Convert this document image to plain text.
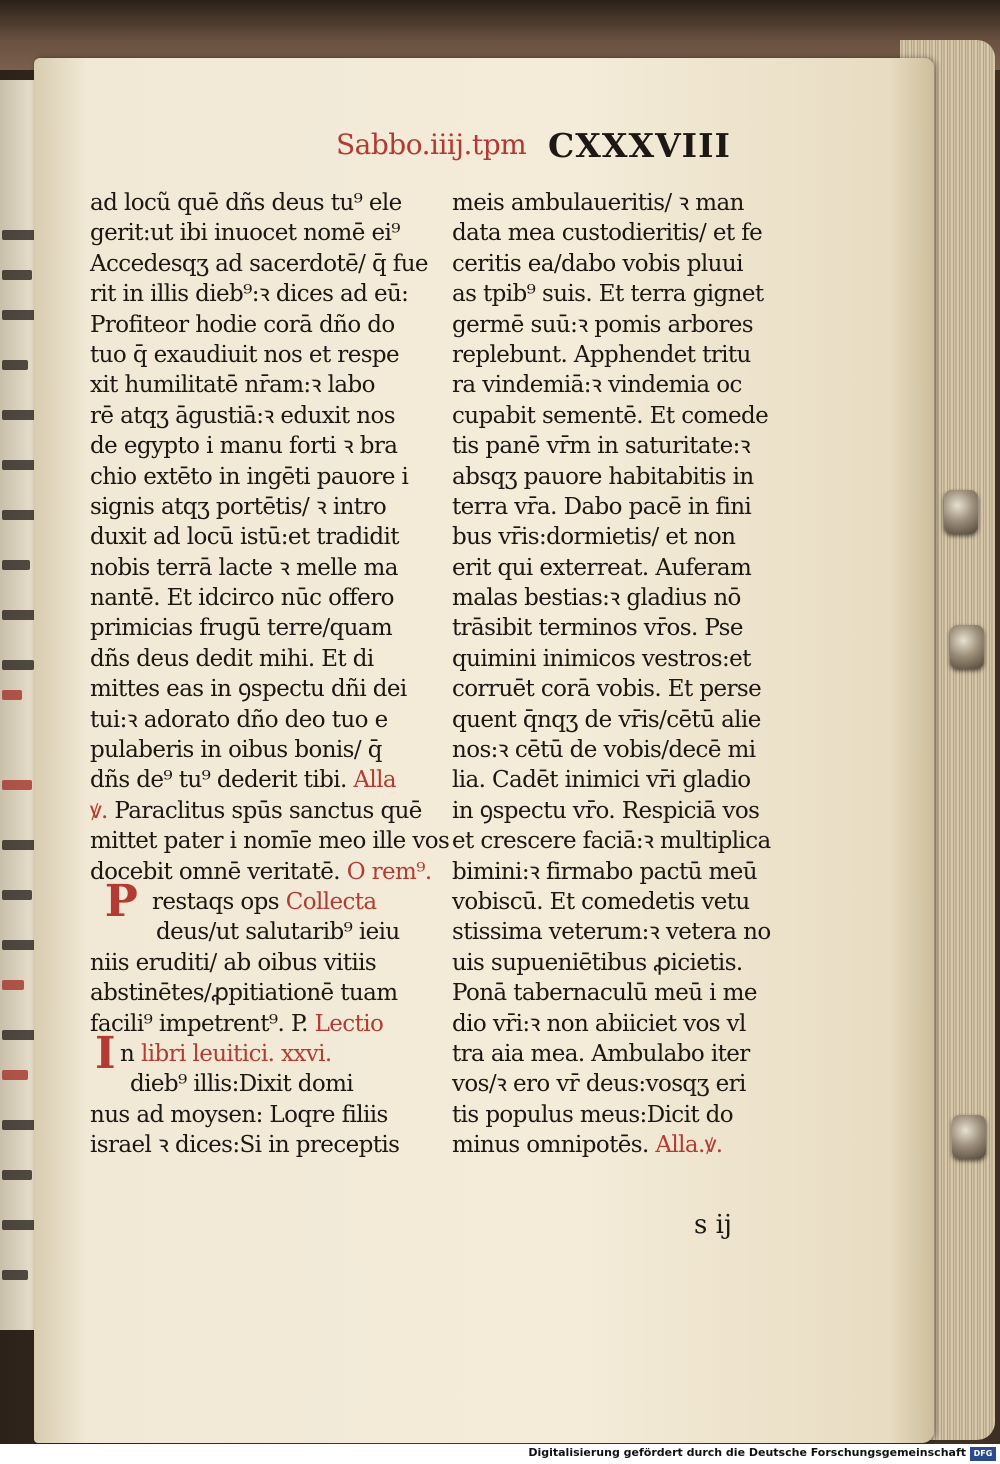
Sabbo.iiij.tpm CXXXVIII
ad locũ quē dñs deus tu⁹ ele
gerit:ut ibi inuocet nomē ei⁹
Accedesqʒ ad sacerdotē/ q̄ fue
rit in illis dieb⁹:ꝛ dices ad eū:
Profiteor hodie corā dño do
tuo q̄ exaudiuit nos et respe
xit humilitatē nr̄am:ꝛ labo
rē atqʒ āgustiā:ꝛ eduxit nos
de egypto i manu forti ꝛ bra
chio extēto in ingēti pauore i
signis atqʒ portētis/ ꝛ intro
duxit ad locū istū:et tradidit
nobis terrā lacte ꝛ melle ma
nantē. Et idcirco nūc offero
primicias frugū terre/quam
dñs deus dedit mihi. Et di
mittes eas in ꝯspectu dñi dei
tui:ꝛ adorato dño deo tuo e
pulaberis in oibus bonis/ q̄
dñs de⁹ tu⁹ dederit tibi. Alla
ꝟ. Paraclitus spūs sanctus quē
mittet pater i nomīe meo ille vos
docebit omnē veritatē. O rem⁹.
Prestaqs ops Collecta
deus/ut salutarib⁹ ieiu
niis eruditi/ ab oibus vitiis
abstinētes/ꝓpitiationē tuam
facili⁹ impetrent⁹. P. Lectio
In libri leuitici. xxvi.
dieb⁹ illis:Dixit domi
nus ad moysen: Loqre filiis
israel ꝛ dices:Si in preceptis
meis ambulaueritis/ ꝛ man
data mea custodieritis/ et fe
ceritis ea/dabo vobis pluui
as tpib⁹ suis. Et terra gignet
germē suū:ꝛ pomis arbores
replebunt. Apphendet tritu
ra vindemiā:ꝛ vindemia oc
cupabit sementē. Et comede
tis panē vr̄m in saturitate:ꝛ
absqʒ pauore habitabitis in
terra vr̄a. Dabo pacē in fini
bus vr̄is:dormietis/ et non
erit qui exterreat. Auferam
malas bestias:ꝛ gladius nō
trāsibit terminos vr̄os. Pse
quimini inimicos vestros:et
corruēt corā vobis. Et perse
quent q̄nqʒ de vr̄is/cētū alie
nos:ꝛ cētū de vobis/decē mi
lia. Cadēt inimici vr̄i gladio
in ꝯspectu vr̄o. Respiciā vos
et crescere faciā:ꝛ multiplica
bimini:ꝛ firmabo pactū meū
vobiscū. Et comedetis vetu
stissima veterum:ꝛ vetera no
uis supueniētibus ꝓicietis.
Ponā tabernaculū meū i me
dio vr̄i:ꝛ non abiiciet vos vl
tra aia mea. Ambulabo iter
vos/ꝛ ero vr̄ deus:vosqʒ eri
tis populus meus:Dicit do
minus omnipotēs. Alla.ꝟ.
s ij
Digitalisierung gefördert durch die Deutsche Forschungsgemeinschaft DFG
